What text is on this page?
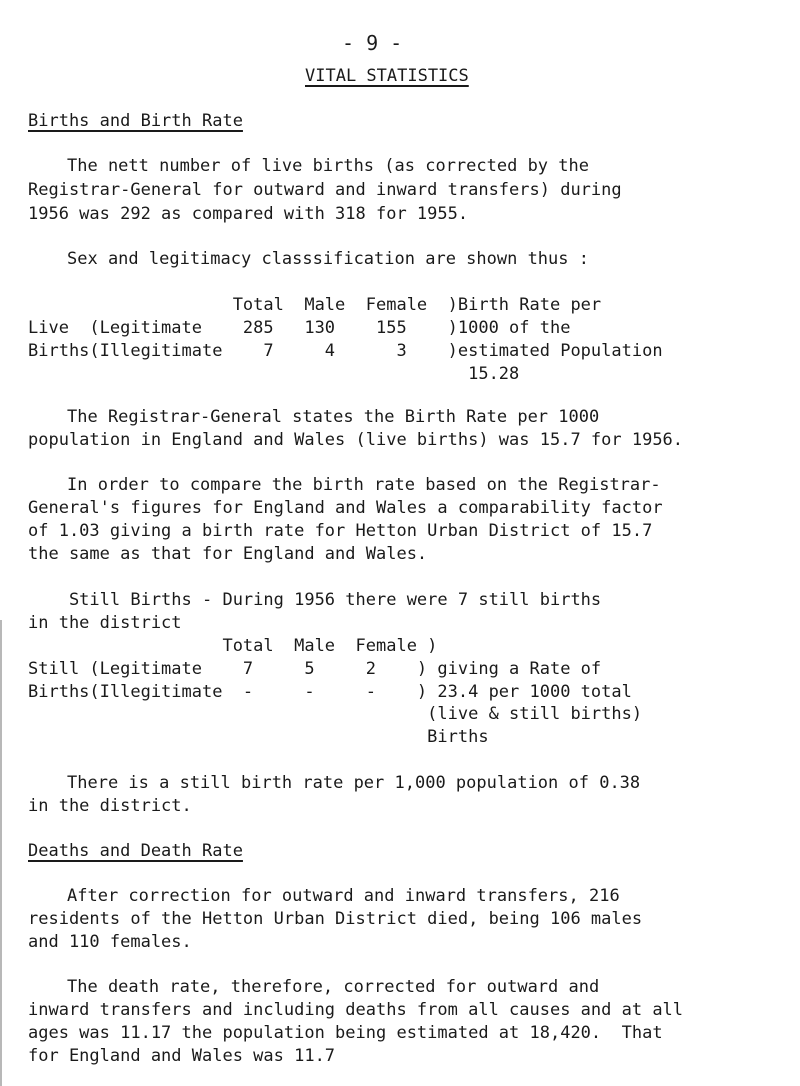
- 9 -
VITAL STATISTICS
Births and Birth Rate
The nett number of live births (as corrected by the
Registrar-General for outward and inward transfers) during
1956 was 292 as compared with 318 for 1955.
Sex and legitimacy classsification are shown thus :
Total  Male  Female  )Birth Rate per
Live  (Legitimate    285   130    155    )1000 of the
Births(Illegitimate    7     4      3    )estimated Population
15.28
The Registrar-General states the Birth Rate per 1000
population in England and Wales (live births) was 15.7 for 1956.
In order to compare the birth rate based on the Registrar-
General's figures for England and Wales a comparability factor
of 1.03 giving a birth rate for Hetton Urban District of 15.7
the same as that for England and Wales.
Still Births - During 1956 there were 7 still births
in the district
Total  Male  Female )
Still (Legitimate    7     5     2    ) giving a Rate of
Births(Illegitimate  -     -     -    ) 23.4 per 1000 total
(live & still births)
Births
There is a still birth rate per 1,000 population of 0.38
in the district.
Deaths and Death Rate
After correction for outward and inward transfers, 216
residents of the Hetton Urban District died, being 106 males
and 110 females.
The death rate, therefore, corrected for outward and
inward transfers and including deaths from all causes and at all
ages was 11.17 the population being estimated at 18,420.  That
for England and Wales was 11.7
